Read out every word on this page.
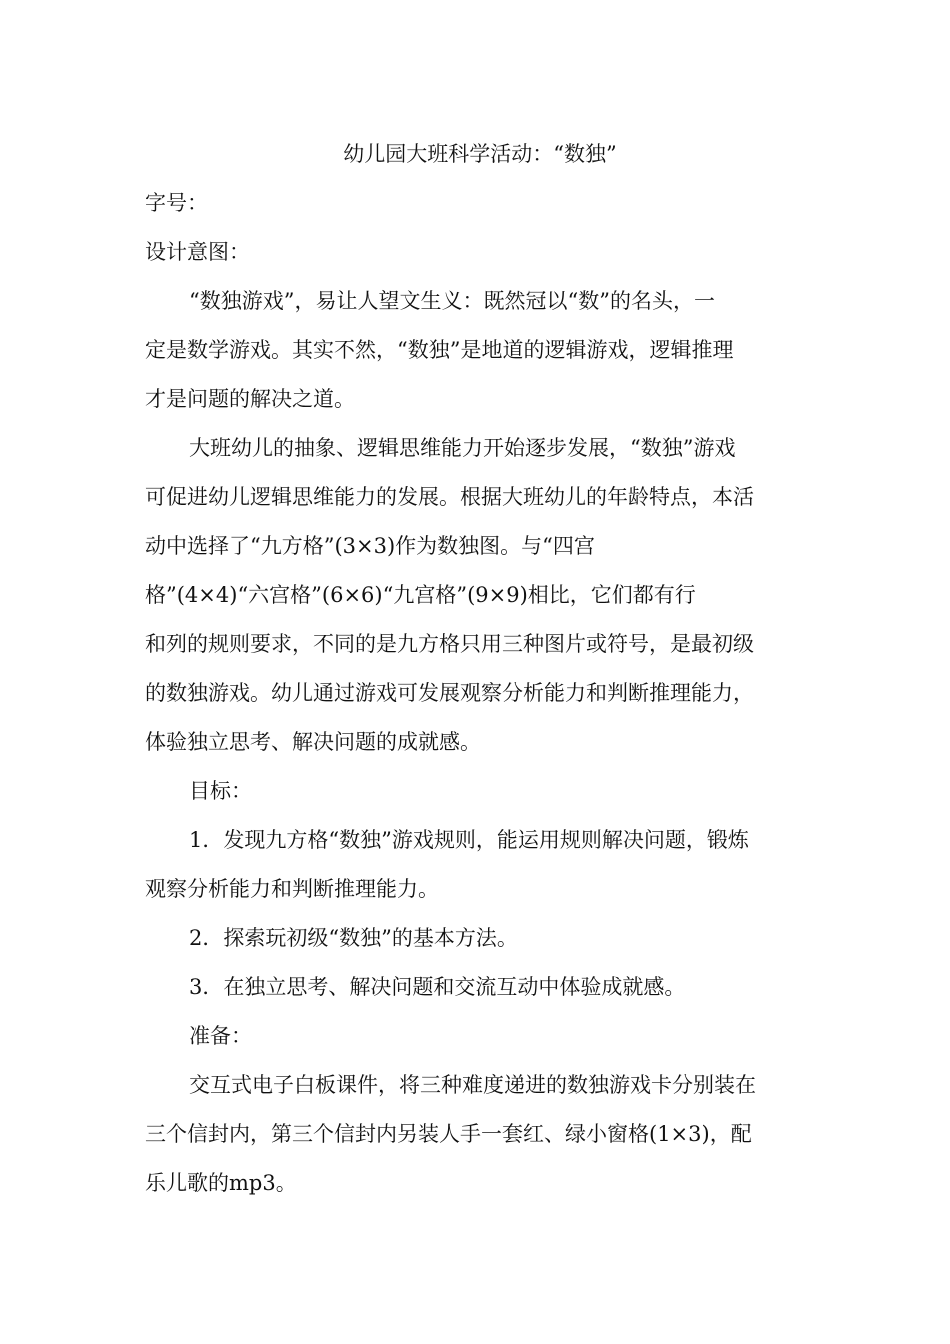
幼儿园大班科学活动：“数独”

字号：

设计意图：

“数独游戏”，易让人望文生义：既然冠以“数”的名头，一

定是数学游戏。其实不然，“数独”是地道的逻辑游戏，逻辑推理

才是问题的解决之道。

大班幼儿的抽象、逻辑思维能力开始逐步发展，“数独”游戏

可促进幼儿逻辑思维能力的发展。根据大班幼儿的年龄特点，本活

动中选择了“九方格”(3×3)作为数独图。与“四宫

格”(4×4)“六宫格”(6×6)“九宫格”(9×9)相比，它们都有行

和列的规则要求，不同的是九方格只用三种图片或符号，是最初级

的数独游戏。幼儿通过游戏可发展观察分析能力和判断推理能力，

体验独立思考、解决问题的成就感。

目标：

1．发现九方格“数独”游戏规则，能运用规则解决问题，锻炼

观察分析能力和判断推理能力。

2．探索玩初级“数独”的基本方法。

3．在独立思考、解决问题和交流互动中体验成就感。

准备：

交互式电子白板课件，将三种难度递进的数独游戏卡分别装在

三个信封内，第三个信封内另装人手一套红、绿小窗格(1×3)，配

乐儿歌的mp3。
